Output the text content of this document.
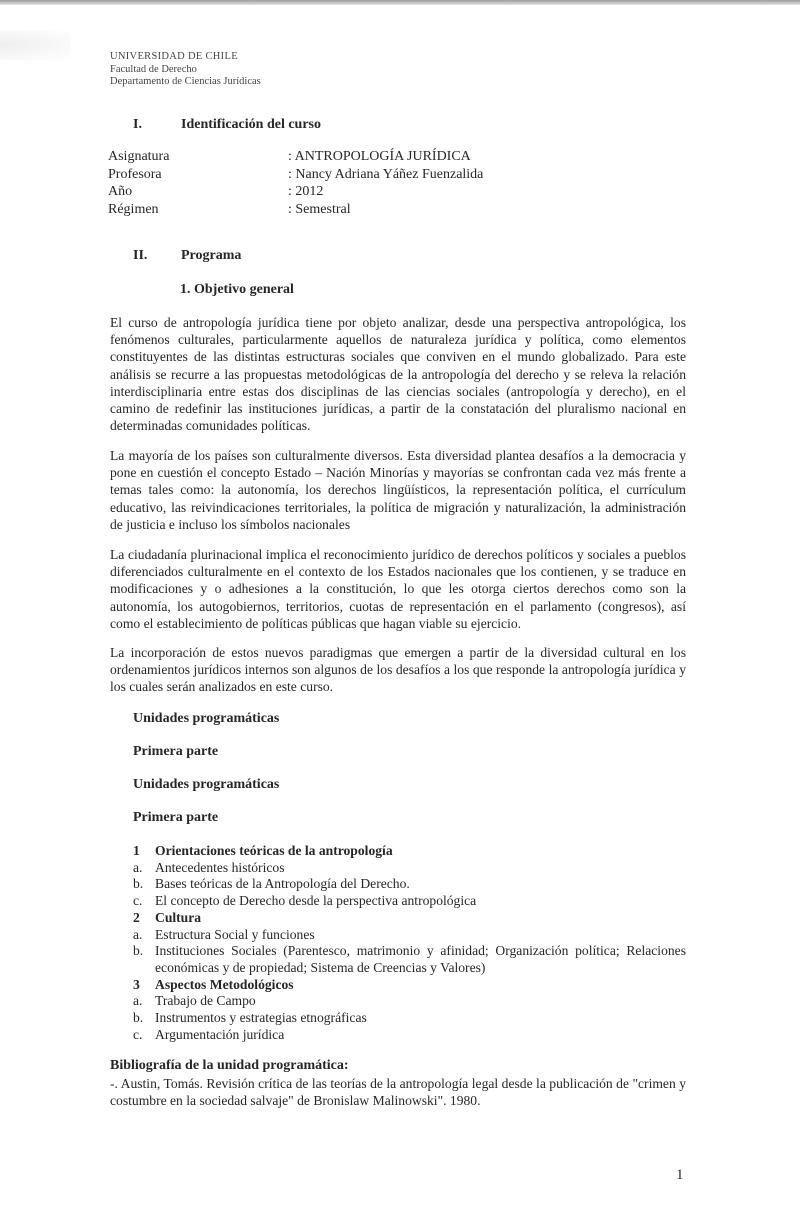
UNIVERSIDAD DE CHILE
Facultad de Derecho
Departamento de Ciencias Jurídicas
I.	Identificación del curso
Asignatura	: ANTROPOLOGÍA JURÍDICA
Profesora	: Nancy Adriana Yáñez Fuenzalida
Año	: 2012
Régimen	: Semestral
II. Programa
1. Objetivo general
El curso de antropología jurídica tiene por objeto analizar, desde una perspectiva antropológica, los fenómenos culturales, particularmente aquellos de naturaleza jurídica y política, como elementos constituyentes de las distintas estructuras sociales que conviven en el mundo globalizado. Para este análisis se recurre a las propuestas metodológicas de la antropología del derecho y se releva la relación interdisciplinaria entre estas dos disciplinas de las ciencias sociales (antropología y derecho), en el camino de redefinir las instituciones jurídicas, a partir de la constatación del pluralismo nacional en determinadas comunidades políticas.
La mayoría de los países son culturalmente diversos. Esta diversidad plantea desafíos a la democracia y pone en cuestión el concepto Estado – Nación Minorías y mayorías se confrontan cada vez más frente a temas tales como: la autonomía, los derechos lingüísticos, la representación política, el currículum educativo, las reivindicaciones territoriales, la política de migración y naturalización, la administración de justicia e incluso los símbolos nacionales
La ciudadanía plurinacional implica el reconocimiento jurídico de derechos políticos y sociales a pueblos diferenciados culturalmente en el contexto de los Estados nacionales que los contienen, y se traduce en modificaciones y o adhesiones a la constitución, lo que les otorga ciertos derechos como son la autonomía, los autogobiernos, territorios, cuotas de representación en el parlamento (congresos), así como el establecimiento de políticas públicas que hagan viable su ejercicio.
La incorporación de estos nuevos paradigmas que emergen a partir de la diversidad cultural en los ordenamientos jurídicos internos son algunos de los desafíos a los que responde la antropología jurídica y los cuales serán analizados en este curso.
Unidades programáticas
Primera parte
Unidades programáticas
Primera parte
1 Orientaciones teóricas de la antropología
a. Antecedentes históricos
b. Bases teóricas de la Antropología del Derecho.
c. El concepto de Derecho desde la perspectiva antropológica
2 Cultura
a. Estructura Social y funciones
b. Instituciones Sociales (Parentesco, matrimonio y afinidad; Organización política; Relaciones económicas y de propiedad; Sistema de Creencias y Valores)
3 Aspectos Metodológicos
a. Trabajo de Campo
b. Instrumentos y estrategias etnográficas
c. Argumentación jurídica
Bibliografía de la unidad programática:
-. Austin, Tomás. Revisión crítica de las teorías de la antropología legal desde la publicación de "crimen y costumbre en la sociedad salvaje" de Bronislaw Malinowski". 1980.
1
